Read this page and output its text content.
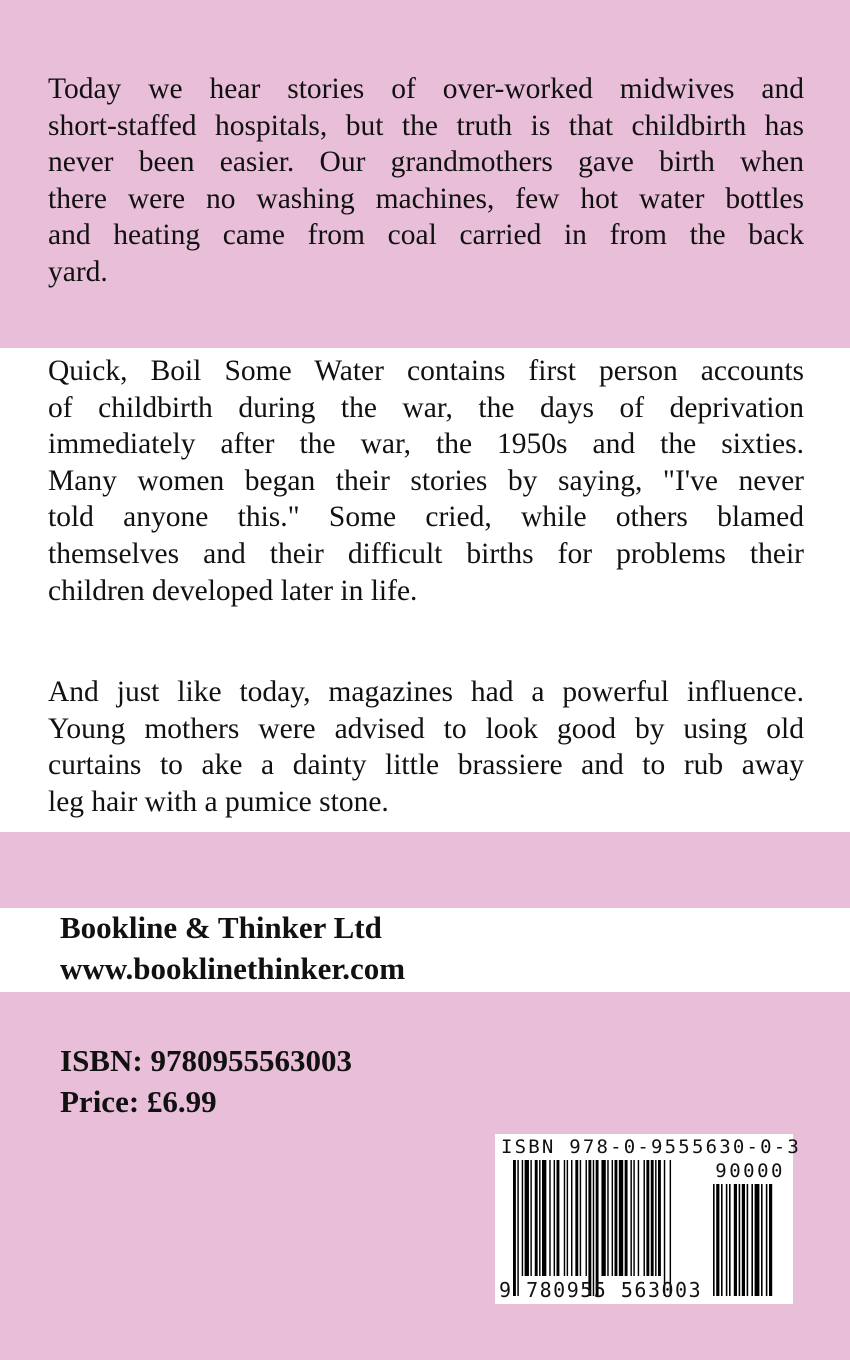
Today we hear stories of over-worked midwives and
short-staffed hospitals, but the truth is that childbirth has
never been easier. Our grandmothers gave birth when
there were no washing machines, few hot water bottles
and heating came from coal carried in from the back
yard.
Quick, Boil Some Water contains first person accounts
of childbirth during the war, the days of deprivation
immediately after the war, the 1950s and the sixties.
Many women began their stories by saying, "I've never
told anyone this." Some cried, while others blamed
themselves and their difficult births for problems their
children developed later in life.
And just like today, magazines had a powerful influence.
Young mothers were advised to look good by using old
curtains to ake a dainty little brassiere and to rub away
leg hair with a pumice stone.
Bookline & Thinker Ltd
www.booklinethinker.com
ISBN: 9780955563003
Price: £6.99
ISBN 978-0-9555630-0-3
90000
9 780955 563003
